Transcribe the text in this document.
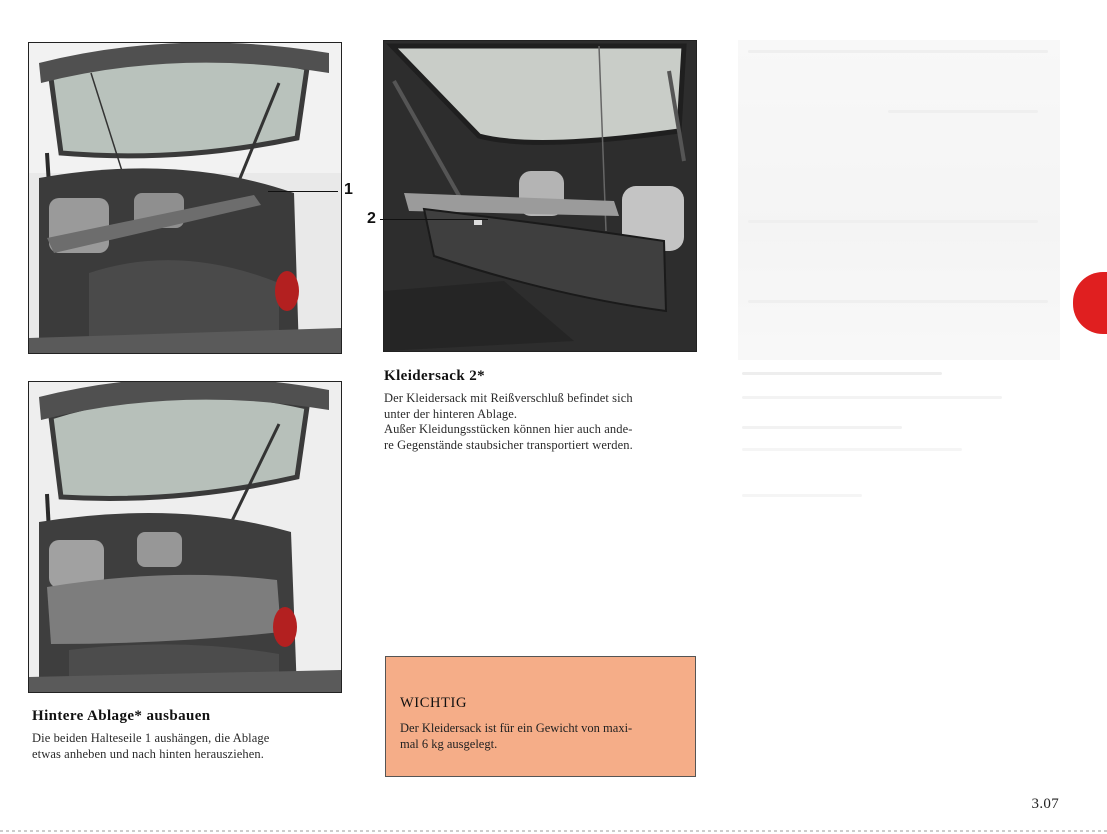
1
2
Kleidersack 2*

Der Kleidersack mit Reißverschluß befindet sich

unter der hinteren Ablage.

Außer Kleidungsstücken können hier auch ande-

re Gegenstände staubsicher transportiert werden.

Hintere Ablage* ausbauen

Die beiden Halteseile 1 aushängen, die Ablage

etwas anheben und nach hinten herausziehen.

WICHTIG
Der Kleidersack ist für ein Gewicht von maxi-
mal 6 kg ausgelegt.
3.07
